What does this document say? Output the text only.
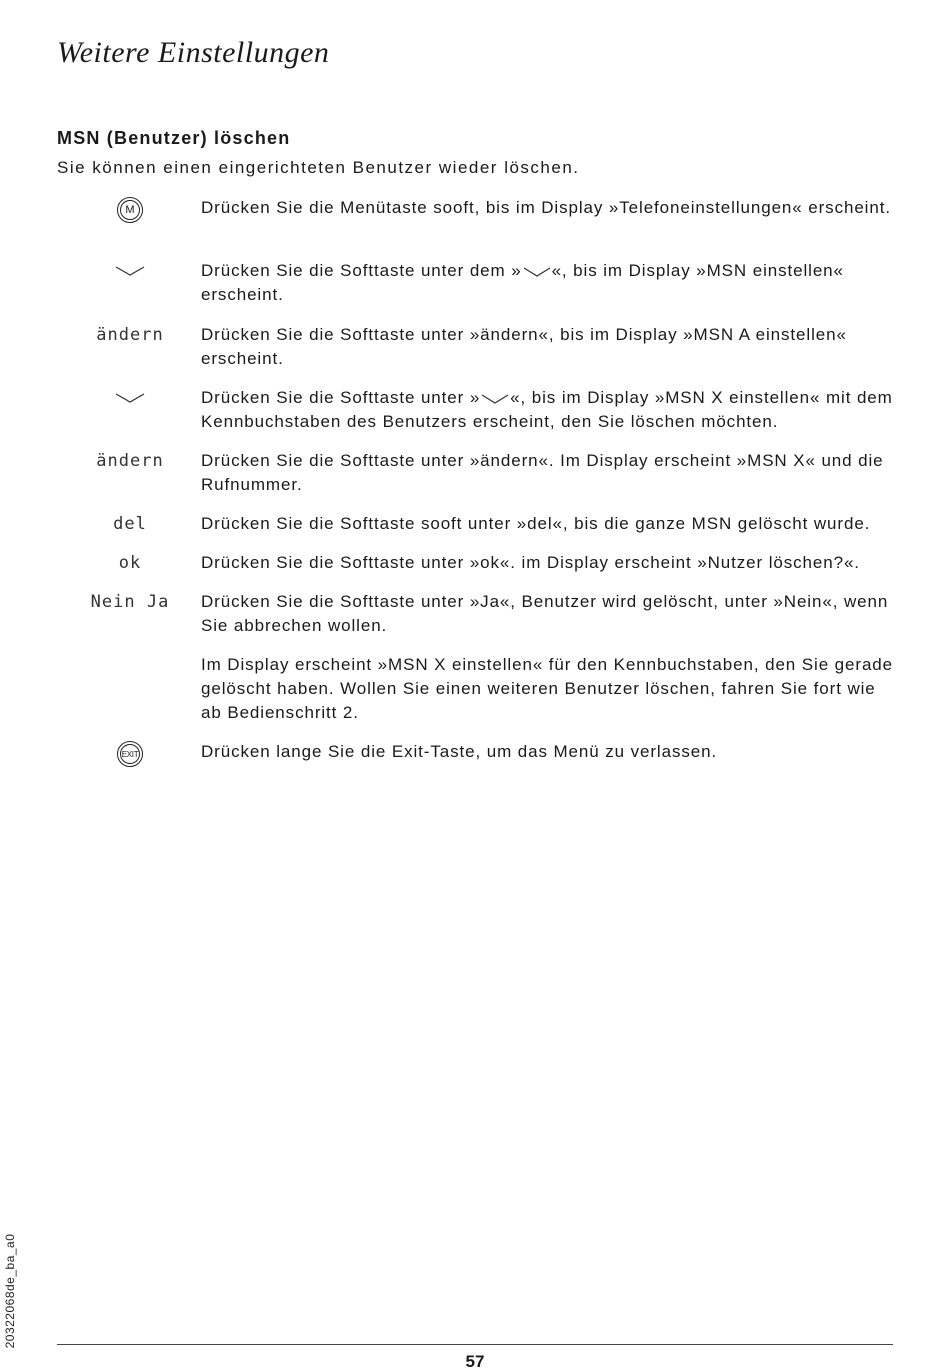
Weitere Einstellungen
MSN (Benutzer) löschen
Sie können einen eingerichteten Benutzer wieder löschen.
M	Drücken Sie die Menütaste sooft, bis im Display »Telefoneinstellungen« erscheint.
Drücken Sie die Softtaste unter dem » «, bis im Display »MSN einstellen« erscheint.
ändern Drücken Sie die Softtaste unter »ändern«, bis im Display »MSN A einstellen« erscheint.
Drücken Sie die Softtaste unter » «, bis im Display »MSN X einstellen« mit dem Kennbuchstaben des Benutzers erscheint, den Sie löschen möchten.
ändern Drücken Sie die Softtaste unter »ändern«. Im Display erscheint »MSN X« und die Rufnummer.
del	Drücken Sie die Softtaste sooft unter »del«, bis die ganze MSN gelöscht wurde.
ok	Drücken Sie die Softtaste unter »ok«. im Display erscheint »Nutzer löschen?«.
Nein Ja Drücken Sie die Softtaste unter »Ja«, Benutzer wird gelöscht, unter »Nein«, wenn Sie abbrechen wollen.
Im Display erscheint »MSN X einstellen« für den Kennbuchstaben, den Sie gerade gelöscht haben. Wollen Sie einen weiteren Benutzer löschen, fahren Sie fort wie ab Bedienschritt 2.
EXIT	Drücken lange Sie die Exit-Taste, um das Menü zu verlassen.
20322068de_ba_a0
57
